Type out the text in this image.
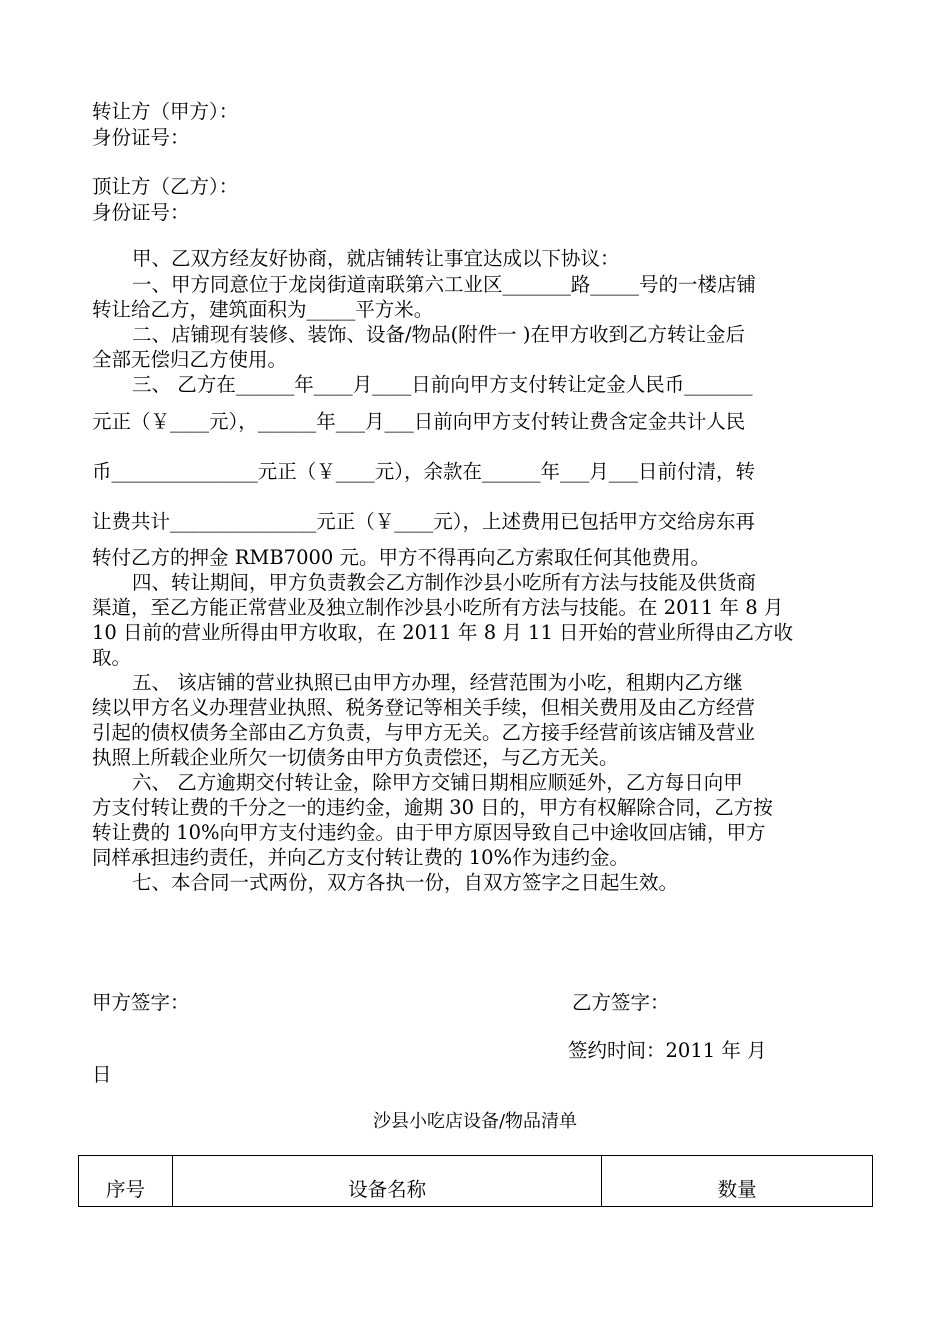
转让方（甲方）：
身份证号：
顶让方（乙方）：
身份证号：
甲、乙双方经友好协商，就店铺转让事宜达成以下协议：
一、甲方同意位于龙岗街道南联第六工业区_______路_____号的一楼店铺
转让给乙方，建筑面积为_____平方米。
二、店铺现有装修、装饰、设备/物品(附件一 )在甲方收到乙方转让金后
全部无偿归乙方使用。
三、 乙方在______年____月____日前向甲方支付转让定金人民币_______
元正（￥____元），______年___月___日前向甲方支付转让费含定金共计人民
币_______________元正（￥____元），余款在______年___月___日前付清，转
让费共计_______________元正（￥____元），上述费用已包括甲方交给房东再
转付乙方的押金 RMB7000 元。甲方不得再向乙方索取任何其他费用。
四、转让期间，甲方负责教会乙方制作沙县小吃所有方法与技能及供货商
渠道，至乙方能正常营业及独立制作沙县小吃所有方法与技能。在 2011 年 8 月
10 日前的营业所得由甲方收取，在 2011 年 8 月 11 日开始的营业所得由乙方收
取。
五、 该店铺的营业执照已由甲方办理，经营范围为小吃，租期内乙方继
续以甲方名义办理营业执照、税务登记等相关手续，但相关费用及由乙方经营
引起的债权债务全部由乙方负责，与甲方无关。乙方接手经营前该店铺及营业
执照上所载企业所欠一切债务由甲方负责偿还，与乙方无关。
六、 乙方逾期交付转让金，除甲方交铺日期相应顺延外，乙方每日向甲
方支付转让费的千分之一的违约金，逾期 30 日的，甲方有权解除合同，乙方按
转让费的 10%向甲方支付违约金。由于甲方原因导致自己中途收回店铺，甲方
同样承担违约责任，并向乙方支付转让费的 10%作为违约金。
七、本合同一式两份，双方各执一份，自双方签字之日起生效。
甲方签字：	乙方签字：
签约时间：2011 年 月
日
沙县小吃店设备/物品清单
序号	设备名称	数量
